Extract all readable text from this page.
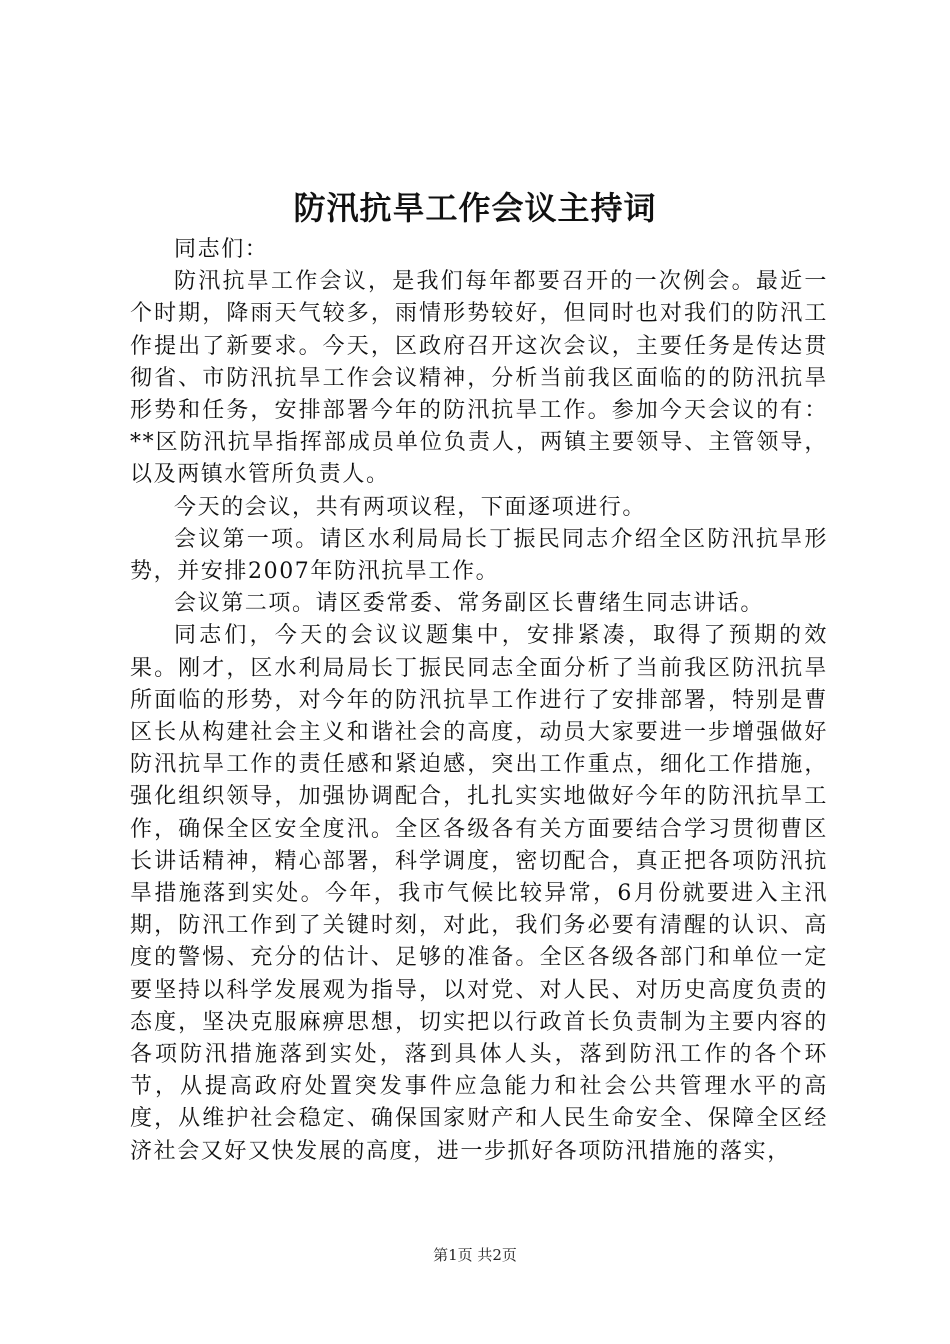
防汛抗旱工作会议主持词

同志们：

防汛抗旱工作会议，是我们每年都要召开的一次例会。最近一个时期，降雨天气较多，雨情形势较好，但同时也对我们的防汛工作提出了新要求。今天，区政府召开这次会议，主要任务是传达贯彻省、市防汛抗旱工作会议精神，分析当前我区面临的的防汛抗旱形势和任务，安排部署今年的防汛抗旱工作。参加今天会议的有：**区防汛抗旱指挥部成员单位负责人，两镇主要领导、主管领导，以及两镇水管所负责人。

今天的会议，共有两项议程，下面逐项进行。

会议第一项。请区水利局局长丁振民同志介绍全区防汛抗旱形势，并安排2007年防汛抗旱工作。

会议第二项。请区委常委、常务副区长曹绪生同志讲话。

同志们，今天的会议议题集中，安排紧凑，取得了预期的效果。刚才，区水利局局长丁振民同志全面分析了当前我区防汛抗旱所面临的形势，对今年的防汛抗旱工作进行了安排部署，特别是曹区长从构建社会主义和谐社会的高度，动员大家要进一步增强做好防汛抗旱工作的责任感和紧迫感，突出工作重点，细化工作措施，强化组织领导，加强协调配合，扎扎实实地做好今年的防汛抗旱工作，确保全区安全度汛。全区各级各有关方面要结合学习贯彻曹区长讲话精神，精心部署，科学调度，密切配合，真正把各项防汛抗旱措施落到实处。今年，我市气候比较异常，6月份就要进入主汛期，防汛工作到了关键时刻，对此，我们务必要有清醒的认识、高度的警惕、充分的估计、足够的准备。全区各级各部门和单位一定要坚持以科学发展观为指导，以对党、对人民、对历史高度负责的态度，坚决克服麻痹思想，切实把以行政首长负责制为主要内容的各项防汛措施落到实处，落到具体人头，落到防汛工作的各个环节，从提高政府处置突发事件应急能力和社会公共管理水平的高度，从维护社会稳定、确保国家财产和人民生命安全、保障全区经济社会又好又快发展的高度，进一步抓好各项防汛措施的落实，

第1页 共2页
